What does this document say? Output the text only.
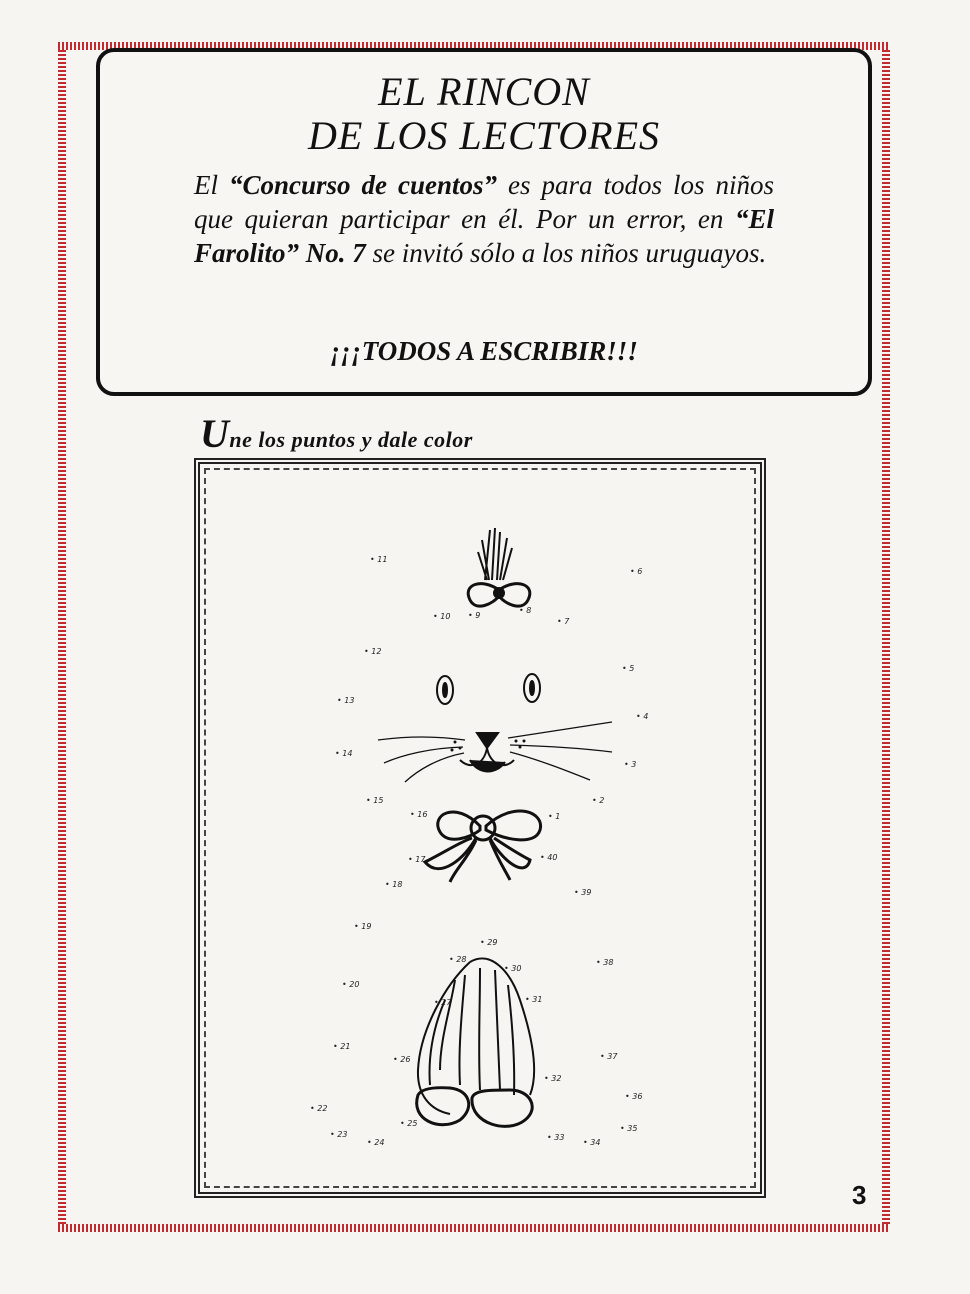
EL RINCON
DE LOS LECTORES
El “Concurso de cuentos” es para todos los niños que quieran participar en él. Por un error, en “El Farolito” No. 7 se invitó sólo a los niños uruguayos.
¡¡¡TODOS A ESCRIBIR!!!
Une los puntos y dale color
• 1
• 2
• 3
• 4
• 5
• 6
• 7
• 8
• 9
• 10
• 11
• 12
• 13
• 14
• 15
• 16
• 17
• 18
• 19
• 20
• 21
• 22
• 23
• 24
• 25
• 26
• 27
• 28
• 29
• 30
• 31
• 32
• 33
• 34
• 35
• 36
• 37
• 38
• 39
• 40
3
